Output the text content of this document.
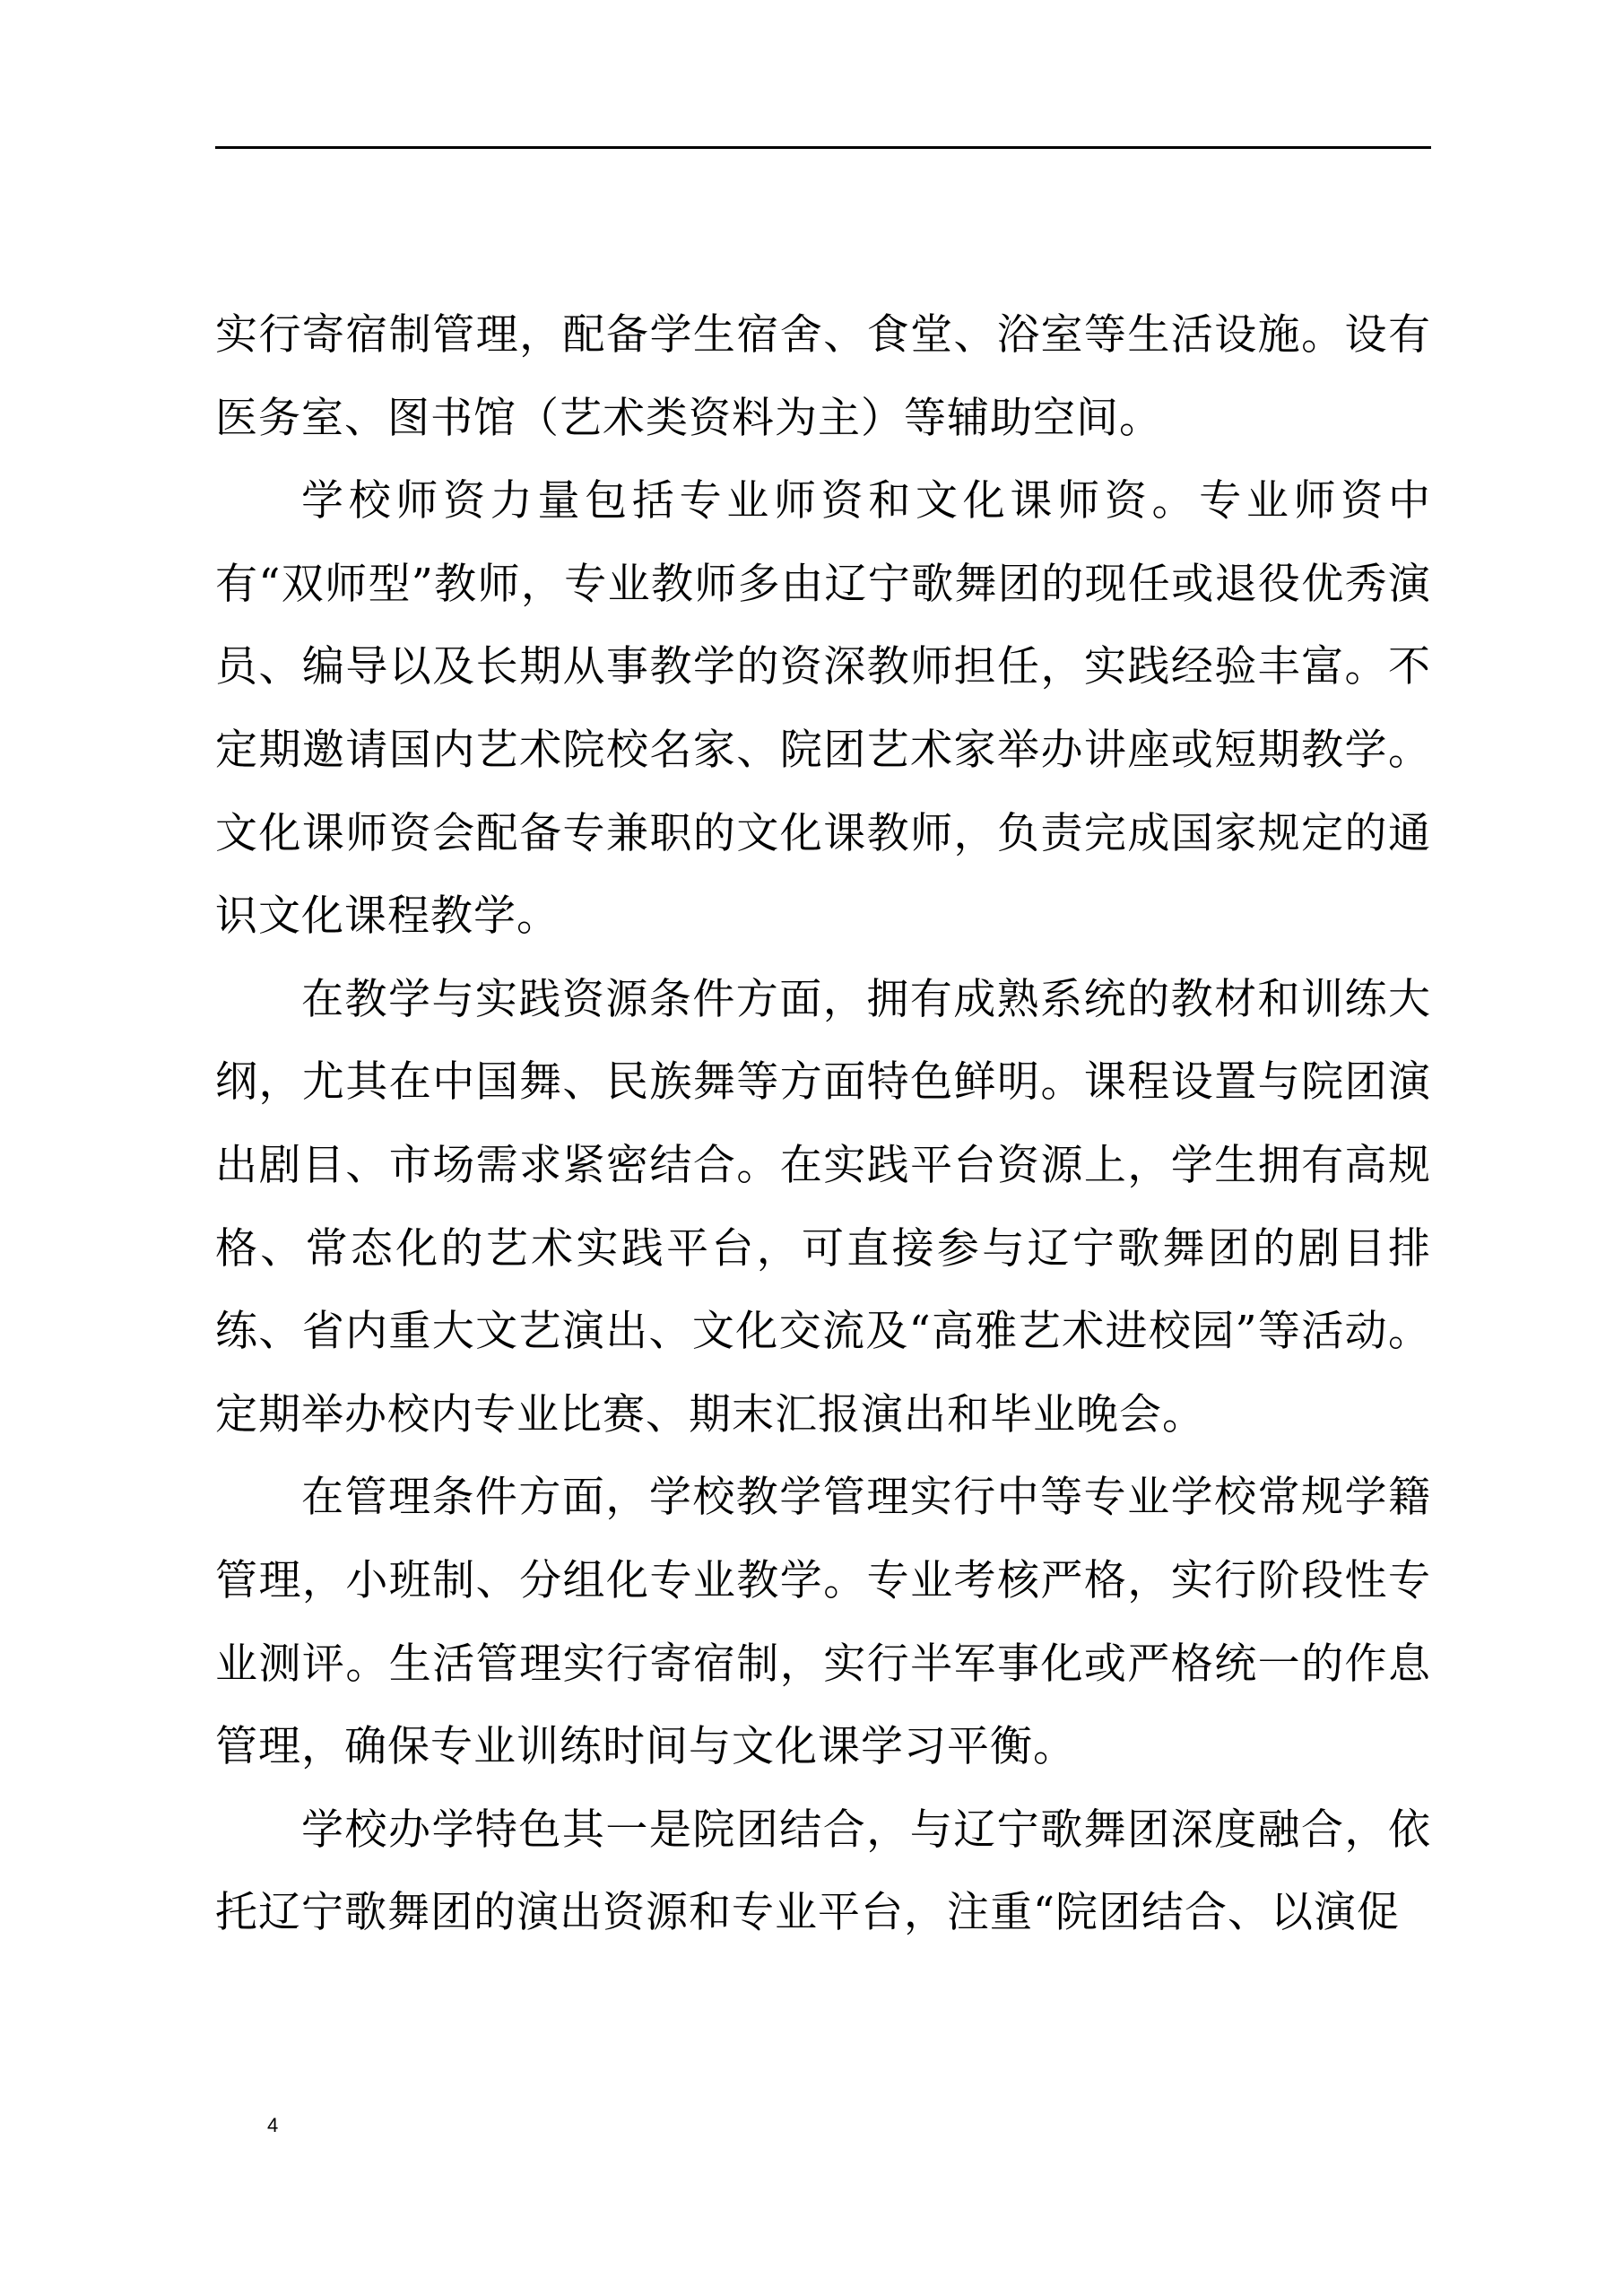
实行寄宿制管理，配备学生宿舍、食堂、浴室等生活设施。设有医务室、图书馆（艺术类资料为主）等辅助空间。

学校师资力量包括专业师资和文化课师资。专业师资中有“双师型”教师，专业教师多由辽宁歌舞团的现任或退役优秀演员、编导以及长期从事教学的资深教师担任，实践经验丰富。不定期邀请国内艺术院校名家、院团艺术家举办讲座或短期教学。文化课师资会配备专兼职的文化课教师，负责完成国家规定的通识文化课程教学。

在教学与实践资源条件方面，拥有成熟系统的教材和训练大纲，尤其在中国舞、民族舞等方面特色鲜明。课程设置与院团演出剧目、市场需求紧密结合。在实践平台资源上，学生拥有高规格、常态化的艺术实践平台，可直接参与辽宁歌舞团的剧目排练、省内重大文艺演出、文化交流及“高雅艺术进校园”等活动。定期举办校内专业比赛、期末汇报演出和毕业晚会。

在管理条件方面，学校教学管理实行中等专业学校常规学籍管理，小班制、分组化专业教学。专业考核严格，实行阶段性专业测评。生活管理实行寄宿制，实行半军事化或严格统一的作息管理，确保专业训练时间与文化课学习平衡。

学校办学特色其一是院团结合，与辽宁歌舞团深度融合，依托辽宁歌舞团的演出资源和专业平台，注重“院团结合、以演促

4
